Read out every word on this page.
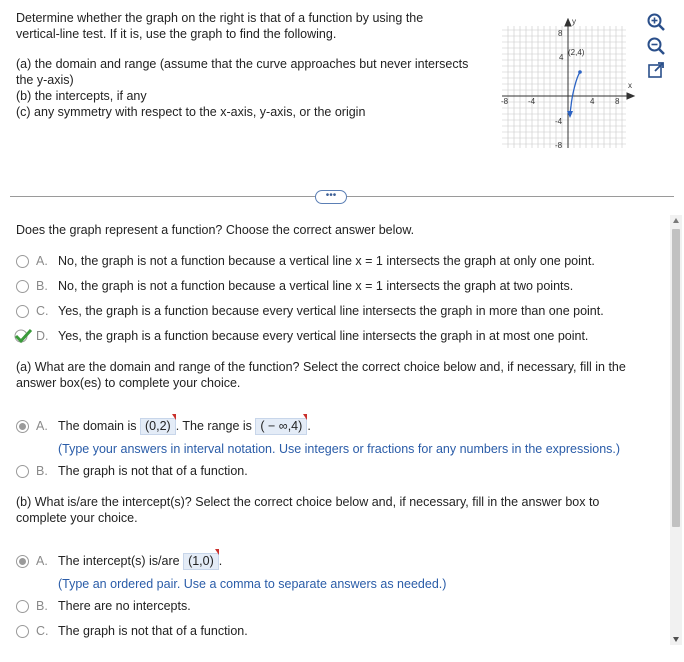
Determine whether the graph on the right is that of a function by using the

vertical-line test. If it is, use the graph to find the following.

(a) the domain and range (assume that the curve approaches but never intersects

the y-axis)

(b) the intercepts, if any

(c) any symmetry with respect to the x-axis, y-axis, or the origin

y
x
8
4
-4
-8
-8 -4	4	8
(2,4)
•••

Does the graph represent a function? Choose the correct answer below.

A. No, the graph is not a function because a vertical line x = 1 intersects the graph at only one point.
B. No, the graph is not a function because a vertical line x = 1 intersects the graph at two points.
C. Yes, the graph is a function because every vertical line intersects the graph in more than one point.
D. Yes, the graph is a function because every vertical line intersects the graph in at most one point.

(a) What are the domain and range of the function? Select the correct choice below and, if necessary, fill in the
answer box(es) to complete your choice.

A. The domain is (0,2) . The range is ( − ∞,4) .
(Type your answers in interval notation. Use integers or fractions for any numbers in the expressions.)
B. The graph is not that of a function.

(b) What is/are the intercept(s)? Select the correct choice below and, if necessary, fill in the answer box to
complete your choice.

A. The intercept(s) is/are (1,0) .
(Type an ordered pair. Use a comma to separate answers as needed.)
B. There are no intercepts.
C. The graph is not that of a function.
